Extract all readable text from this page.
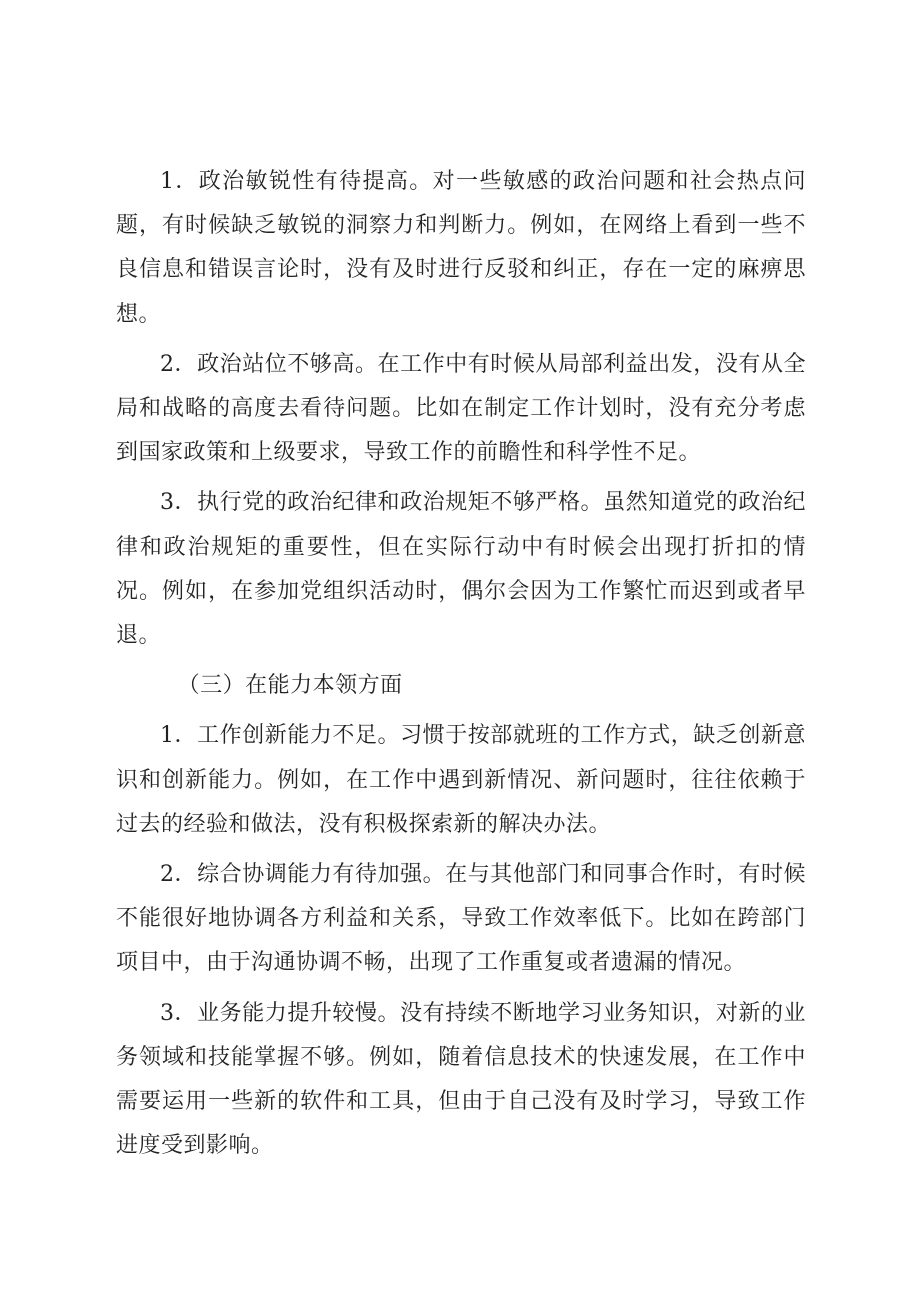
1．政治敏锐性有待提高。对一些敏感的政治问题和社会热点问题，有时候缺乏敏锐的洞察力和判断力。例如，在网络上看到一些不良信息和错误言论时，没有及时进行反驳和纠正，存在一定的麻痹思想。

2．政治站位不够高。在工作中有时候从局部利益出发，没有从全局和战略的高度去看待问题。比如在制定工作计划时，没有充分考虑到国家政策和上级要求，导致工作的前瞻性和科学性不足。

3．执行党的政治纪律和政治规矩不够严格。虽然知道党的政治纪律和政治规矩的重要性，但在实际行动中有时候会出现打折扣的情况。例如，在参加党组织活动时，偶尔会因为工作繁忙而迟到或者早退。

（三）在能力本领方面

1．工作创新能力不足。习惯于按部就班的工作方式，缺乏创新意识和创新能力。例如，在工作中遇到新情况、新问题时，往往依赖于过去的经验和做法，没有积极探索新的解决办法。

2．综合协调能力有待加强。在与其他部门和同事合作时，有时候不能很好地协调各方利益和关系，导致工作效率低下。比如在跨部门项目中，由于沟通协调不畅，出现了工作重复或者遗漏的情况。

3．业务能力提升较慢。没有持续不断地学习业务知识，对新的业务领域和技能掌握不够。例如，随着信息技术的快速发展，在工作中需要运用一些新的软件和工具，但由于自己没有及时学习，导致工作进度受到影响。
